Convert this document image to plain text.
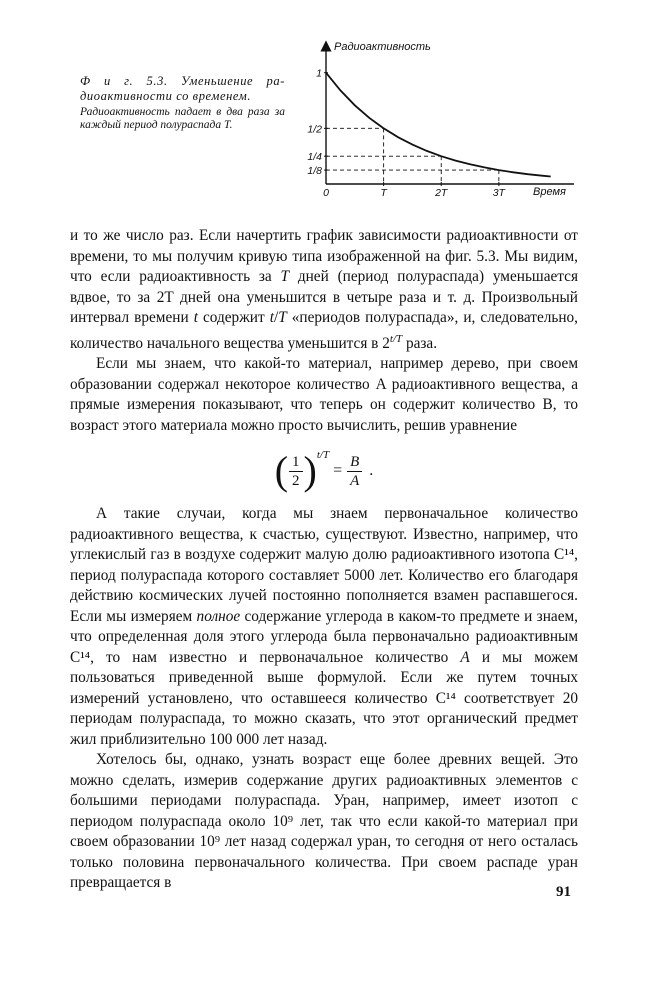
Ф и г. 5.3. Уменьшение ра-диоактивности со временем.
Радиоактивность падает в два раза за каждый период полураспада Т.
Радиоактивность
Время
1
1/2
1/4
1/8
0	T	2T	3T

и то же число раз. Если начертить график зависимости радиоактивности от времени, то мы получим кривую типа изображенной на фиг. 5.3. Мы видим, что если радиоактивность за T дней (период полураспада) уменьшается вдвое, то за 2T дней она уменьшится в четыре раза и т. д. Произвольный интервал времени t содержит t/T «периодов полураспада», и, следовательно, количество начального вещества уменьшится в $2^{t/T}$ раза.

Если мы знаем, что какой-то материал, например дерево, при своем образовании содержал некоторое количество A радиоактивного вещества, а прямые измерения показывают, что теперь он содержит количество B, то возраст этого материала можно просто вычислить, решив уравнение

( $\frac{1}{2}$ ) t/T
= $\frac{B}{A}$ .

А такие случаи, когда мы знаем первоначальное количество радиоактивного вещества, к счастью, существуют. Известно, например, что углекислый газ в воздухе содержит малую долю радиоактивного изотопа C¹⁴, период полураспада которого составляет 5000 лет. Количество его благодаря действию космических лучей постоянно пополняется взамен распавшегося. Если мы измеряем полное содержание углерода в каком-то предмете и знаем, что определенная доля этого углерода была первоначально радиоактивным C¹⁴, то нам известно и первоначальное количество A и мы можем пользоваться приведенной выше формулой. Если же путем точных измерений установлено, что оставшееся количество C¹⁴ соответствует 20 периодам полураспада, то можно сказать, что этот органический предмет жил приблизительно 100 000 лет назад.

Хотелось бы, однако, узнать возраст еще более древних вещей. Это можно сделать, измерив содержание других радиоактивных элементов с большими периодами полураспада. Уран, например, имеет изотоп с периодом полураспада около 10⁹ лет, так что если какой-то материал при своем образовании 10⁹ лет назад содержал уран, то сегодня от него осталась только половина первоначального количества. При своем распаде уран превращается в

91
